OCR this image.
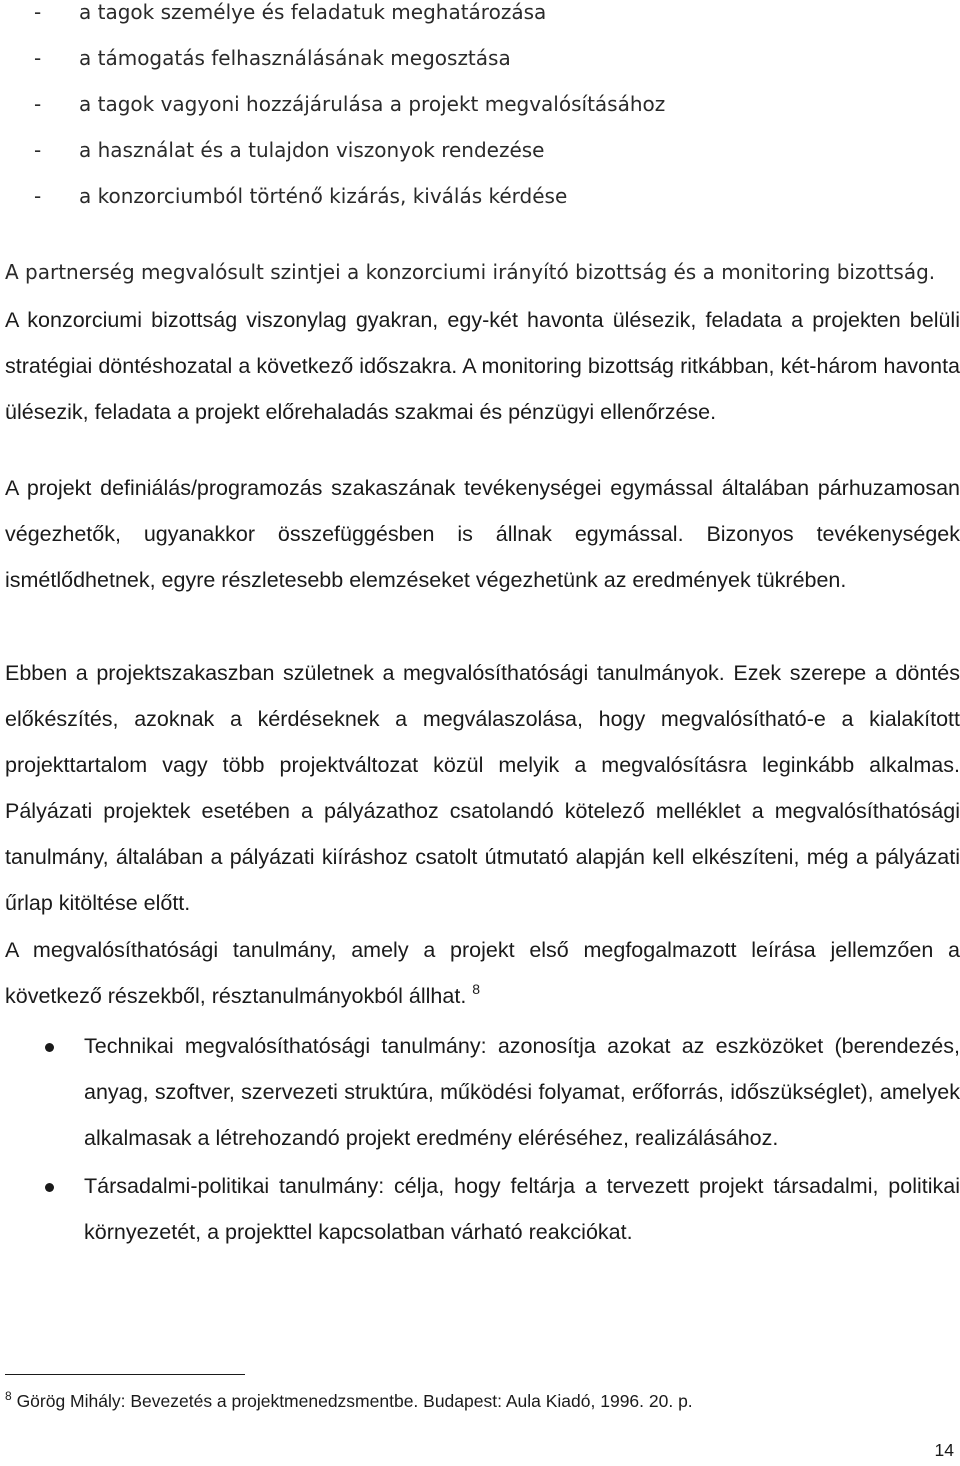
- a tagok személye és feladatuk meghatározása
- a támogatás felhasználásának megosztása
- a tagok vagyoni hozzájárulása a projekt megvalósításához
- a használat és a tulajdon viszonyok rendezése
- a konzorciumból történő kizárás, kiválás kérdése

A partnerség megvalósult szintjei a konzorciumi irányító bizottság és a monitoring bizottság.

A konzorciumi bizottság viszonylag gyakran, egy-két havonta ülésezik, feladata a projekten belüli stratégiai döntéshozatal a következő időszakra. A monitoring bizottság ritkábban, két-három havonta ülésezik, feladata a projekt előrehaladás szakmai és pénzügyi ellenőrzése.

A projekt definiálás/programozás szakaszának tevékenységei egymással általában párhuzamosan végezhetők, ugyanakkor összefüggésben is állnak egymással. Bizonyos tevékenységek ismétlődhetnek, egyre részletesebb elemzéseket végezhetünk az eredmények tükrében.

Ebben a projektszakaszban születnek a megvalósíthatósági tanulmányok. Ezek szerepe a döntés előkészítés, azoknak a kérdéseknek a megválaszolása, hogy megvalósítható-e a kialakított projekttartalom vagy több projektváltozat közül melyik a megvalósításra leginkább alkalmas. Pályázati projektek esetében a pályázathoz csatolandó kötelező melléklet a megvalósíthatósági tanulmány, általában a pályázati kiíráshoz csatolt útmutató alapján kell elkészíteni, még a pályázati űrlap kitöltése előtt.

A megvalósíthatósági tanulmány, amely a projekt első megfogalmazott leírása jellemzően a következő részekből, résztanulmányokból állhat. $^8$

Technikai megvalósíthatósági tanulmány: azonosítja azokat az eszközöket (berendezés, anyag, szoftver, szervezeti struktúra, működési folyamat, erőforrás, időszükséglet), amelyek alkalmasak a létrehozandó projekt eredmény eléréséhez, realizálásához.
Társadalmi-politikai tanulmány: célja, hogy feltárja a tervezett projekt társadalmi, politikai környezetét, a projekttel kapcsolatban várható reakciókat.
$^8$ Görög Mihály: Bevezetés a projektmenedzsmentbe. Budapest: Aula Kiadó, 1996. 20. p.
14
